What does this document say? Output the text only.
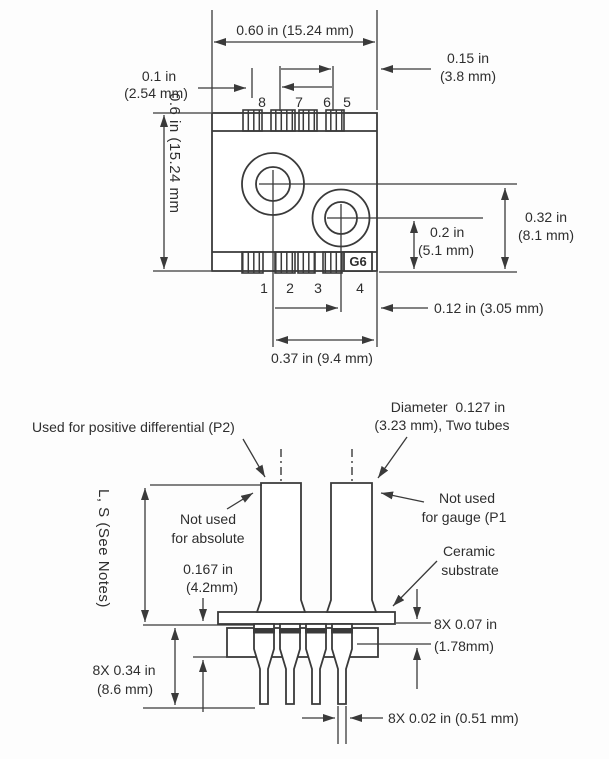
0.60 in (15.24 mm)
0.1 in
(2.54 mm)
0.15 in
(3.8 mm)
8 7 6 5
G6
0.6 in (15.24 mm
0.32 in
(8.1 mm)
0.2 in
(5.1 mm)
1 2 3 4
0.12 in (3.05 mm)
0.37 in (9.4 mm)
Used for positive differential (P2)
Diameter  0.127 in
(3.23 mm), Two tubes
Not used
for absolute
Not used
for gauge (P1
Ceramic
substrate
L, S (See Notes)	0.167 in
(4.2mm)
8X 0.34 in
(8.6 mm)
8X 0.07 in
(1.78mm)
8X 0.02 in (0.51 mm)
